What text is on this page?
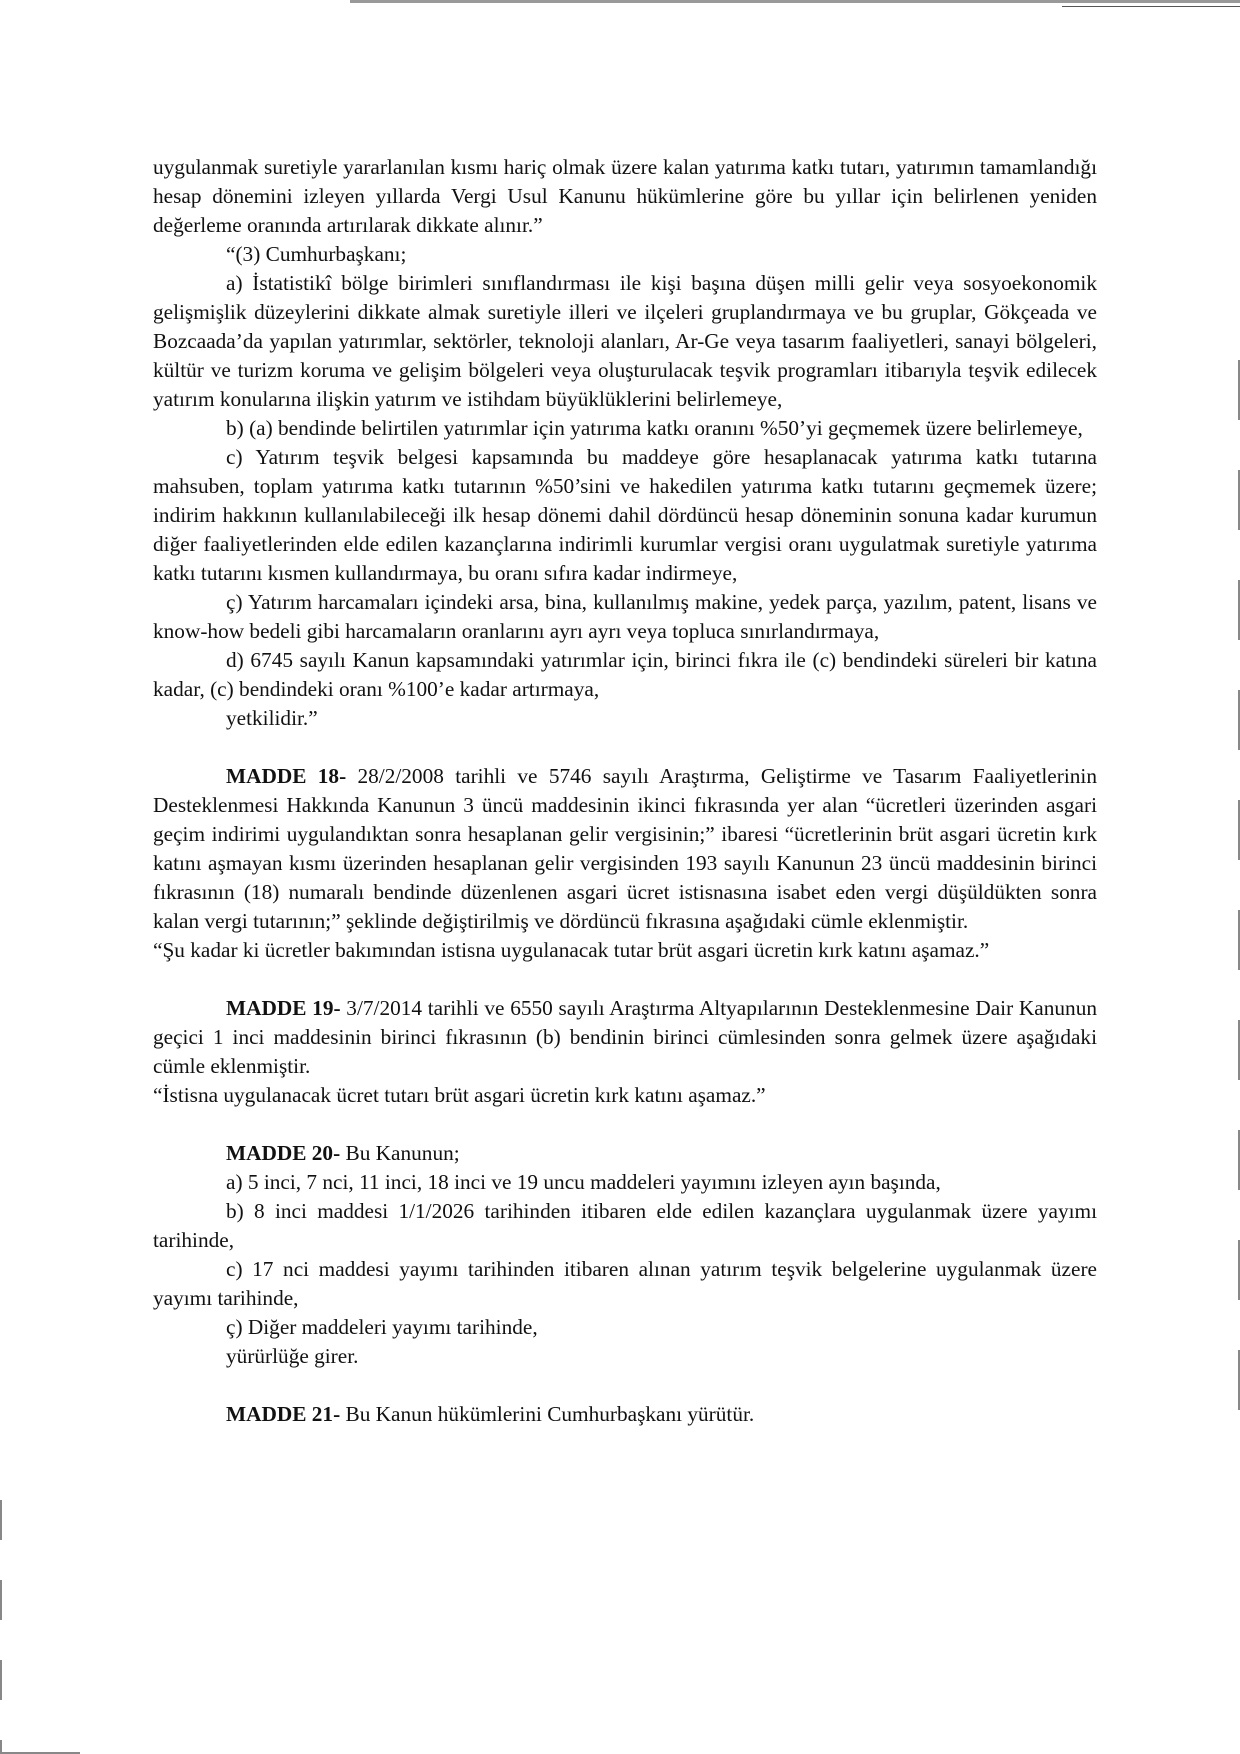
uygulanmak suretiyle yararlanılan kısmı hariç olmak üzere kalan yatırıma katkı tutarı, yatırımın tamamlandığı hesap dönemini izleyen yıllarda Vergi Usul Kanunu hükümlerine göre bu yıllar için belirlenen yeniden değerleme oranında artırılarak dikkate alınır.”

“(3) Cumhurbaşkanı;

a) İstatistikî bölge birimleri sınıflandırması ile kişi başına düşen milli gelir veya sosyoekonomik gelişmişlik düzeylerini dikkate almak suretiyle illeri ve ilçeleri gruplandırmaya ve bu gruplar, Gökçeada ve Bozcaada’da yapılan yatırımlar, sektörler, teknoloji alanları, Ar-Ge veya tasarım faaliyetleri, sanayi bölgeleri, kültür ve turizm koruma ve gelişim bölgeleri veya oluşturulacak teşvik programları itibarıyla teşvik edilecek yatırım konularına ilişkin yatırım ve istihdam büyüklüklerini belirlemeye,

b) (a) bendinde belirtilen yatırımlar için yatırıma katkı oranını %50’yi geçmemek üzere belirlemeye,

c) Yatırım teşvik belgesi kapsamında bu maddeye göre hesaplanacak yatırıma katkı tutarına mahsuben, toplam yatırıma katkı tutarının %50’sini ve hakedilen yatırıma katkı tutarını geçmemek üzere; indirim hakkının kullanılabileceği ilk hesap dönemi dahil dördüncü hesap döneminin sonuna kadar kurumun diğer faaliyetlerinden elde edilen kazançlarına indirimli kurumlar vergisi oranı uygulatmak suretiyle yatırıma katkı tutarını kısmen kullandırmaya, bu oranı sıfıra kadar indirmeye,

ç) Yatırım harcamaları içindeki arsa, bina, kullanılmış makine, yedek parça, yazılım, patent, lisans ve know-how bedeli gibi harcamaların oranlarını ayrı ayrı veya topluca sınırlandırmaya,

d) 6745 sayılı Kanun kapsamındaki yatırımlar için, birinci fıkra ile (c) bendindeki süreleri bir katına kadar, (c) bendindeki oranı %100’e kadar artırmaya,

yetkilidir.”

MADDE 18- 28/2/2008 tarihli ve 5746 sayılı Araştırma, Geliştirme ve Tasarım Faaliyetlerinin Desteklenmesi Hakkında Kanunun 3 üncü maddesinin ikinci fıkrasında yer alan “ücretleri üzerinden asgari geçim indirimi uygulandıktan sonra hesaplanan gelir vergisinin;” ibaresi “ücretlerinin brüt asgari ücretin kırk katını aşmayan kısmı üzerinden hesaplanan gelir vergisinden 193 sayılı Kanunun 23 üncü maddesinin birinci fıkrasının (18) numaralı bendinde düzenlenen asgari ücret istisnasına isabet eden vergi düşüldükten sonra kalan vergi tutarının;” şeklinde değiştirilmiş ve dördüncü fıkrasına aşağıdaki cümle eklenmiştir.

“Şu kadar ki ücretler bakımından istisna uygulanacak tutar brüt asgari ücretin kırk katını aşamaz.”

MADDE 19- 3/7/2014 tarihli ve 6550 sayılı Araştırma Altyapılarının Desteklenmesine Dair Kanunun geçici 1 inci maddesinin birinci fıkrasının (b) bendinin birinci cümlesinden sonra gelmek üzere aşağıdaki cümle eklenmiştir.

“İstisna uygulanacak ücret tutarı brüt asgari ücretin kırk katını aşamaz.”

MADDE 20- Bu Kanunun;

a) 5 inci, 7 nci, 11 inci, 18 inci ve 19 uncu maddeleri yayımını izleyen ayın başında,

b) 8 inci maddesi 1/1/2026 tarihinden itibaren elde edilen kazançlara uygulanmak üzere yayımı tarihinde,

c) 17 nci maddesi yayımı tarihinden itibaren alınan yatırım teşvik belgelerine uygulanmak üzere yayımı tarihinde,

ç) Diğer maddeleri yayımı tarihinde,

yürürlüğe girer.

MADDE 21- Bu Kanun hükümlerini Cumhurbaşkanı yürütür.
